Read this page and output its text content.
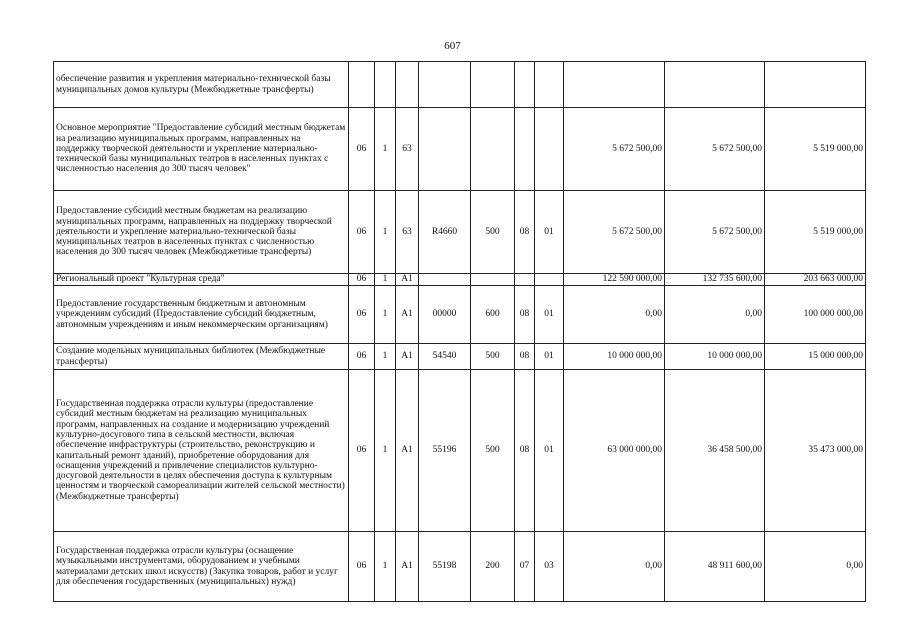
607
обеспечение развития и укрепления материально-технической базы муниципальных домов культуры (Межбюджетные трансферты)										
Основное мероприятие "Предоставление субсидий местным бюджетам на реализацию муниципальных программ, направленных на поддержку творческой деятельности и укрепление материально-технической базы муниципальных театров в населенных пунктах с численностью населения до 300 тысяч человек"	06	1	63					5 672 500,00	5 672 500,00	5 519 000,00
Предоставление субсидий местным бюджетам на реализацию муниципальных программ, направленных на поддержку творческой деятельности и укрепление материально-технической базы муниципальных театров в населенных пунктах с численностью населения до 300 тысяч человек (Межбюджетные трансферты)	06	1	63	R4660	500	08	01	5 672 500,00	5 672 500,00	5 519 000,00
Региональный проект "Культурная среда"	06	1	A1					122 590 000,00	132 735 600,00	203 663 000,00
Предоставление государственным бюджетным и автономным учреждениям субсидий (Предоставление субсидий бюджетным, автономным учреждениям и иным некоммерческим организациям)	06	1	A1	00000	600	08	01	0,00	0,00	100 000 000,00
Создание модельных муниципальных библиотек (Межбюджетные трансферты)	06	1	A1	54540	500	08	01	10 000 000,00	10 000 000,00	15 000 000,00
Государственная поддержка отрасли культуры (предоставление субсидий местным бюджетам на реализацию муниципальных программ, направленных на создание и модернизацию учреждений культурно-досугового типа в сельской местности, включая обеспечение инфраструктуры (строительство, реконструкцию и капитальный ремонт зданий), приобретение оборудования для оснащения учреждений и привлечение специалистов культурно-досуговой деятельности в целях обеспечения доступа к культурным ценностям и творческой самореализации жителей сельской местности) (Межбюджетные трансферты)	06	1	A1	55196	500	08	01	63 000 000,00	36 458 500,00	35 473 000,00
Государственная поддержка отрасли культуры (оснащение музыкальными инструментами, оборудованием и учебными материалами детских школ искусств) (Закупка товаров, работ и услуг для обеспечения государственных (муниципальных) нужд)	06	1	A1	55198	200	07	03	0,00	48 911 600,00	0,00
